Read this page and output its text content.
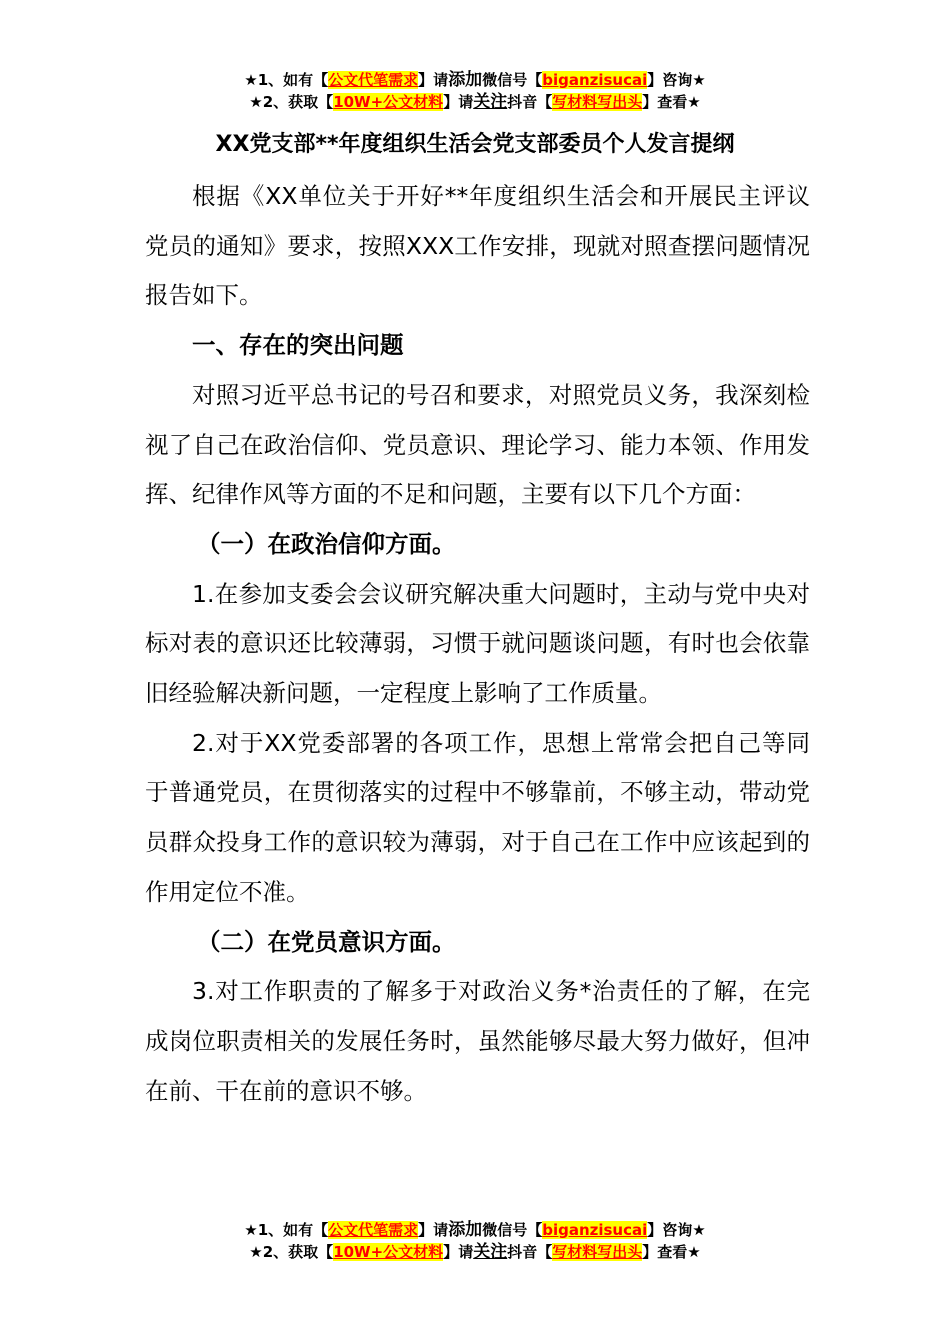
★1、如有【公文代笔需求】请添加微信号【biganzisucai】咨询★
★2、获取【10W+公文材料】请关注抖音【写材料写出头】查看★
XX党支部**年度组织生活会党支部委员个人发言提纲

根据《XX单位关于开好**年度组织生活会和开展民主评议党员的通知》要求，按照XXX工作安排，现就对照查摆问题情况报告如下。

一、存在的突出问题

对照习近平总书记的号召和要求，对照党员义务，我深刻检视了自己在政治信仰、党员意识、理论学习、能力本领、作用发挥、纪律作风等方面的不足和问题，主要有以下几个方面：

（一）在政治信仰方面。

1.在参加支委会会议研究解决重大问题时，主动与党中央对标对表的意识还比较薄弱，习惯于就问题谈问题，有时也会依靠旧经验解决新问题，一定程度上影响了工作质量。

2.对于XX党委部署的各项工作，思想上常常会把自己等同于普通党员，在贯彻落实的过程中不够靠前，不够主动，带动党员群众投身工作的意识较为薄弱，对于自己在工作中应该起到的作用定位不准。

（二）在党员意识方面。

3.对工作职责的了解多于对政治义务*治责任的了解，在完成岗位职责相关的发展任务时，虽然能够尽最大努力做好，但冲在前、干在前的意识不够。

★1、如有【公文代笔需求】请添加微信号【biganzisucai】咨询★
★2、获取【10W+公文材料】请关注抖音【写材料写出头】查看★
